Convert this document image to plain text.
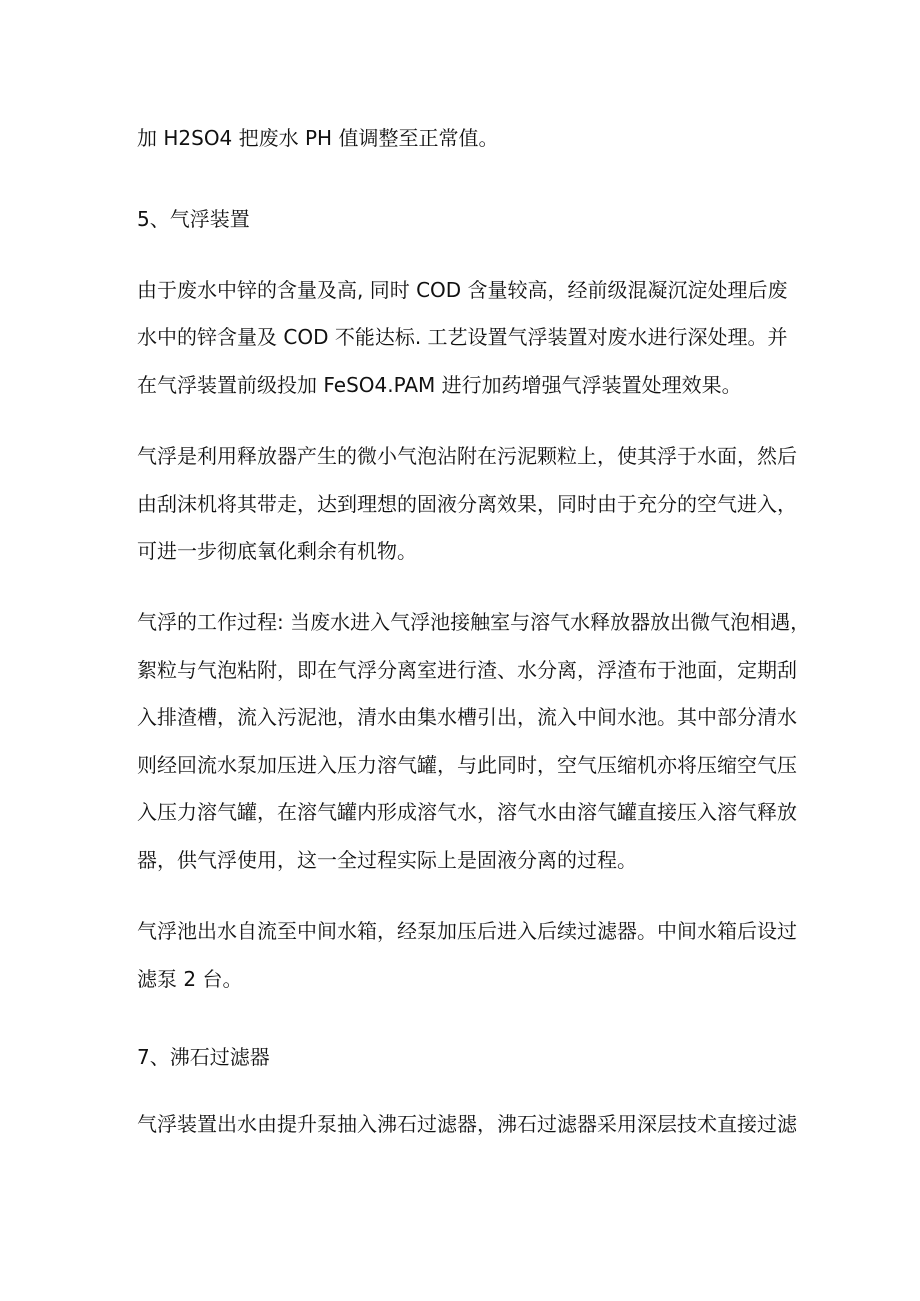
加 H2SO4 把废水 PH 值调整至正常值。
5、气浮装置
由于废水中锌的含量及高, 同时 COD 含量较高，经前级混凝沉淀处理后废
水中的锌含量及 COD 不能达标. 工艺设置气浮装置对废水进行深处理。并
在气浮装置前级投加 FeSO4.PAM 进行加药增强气浮装置处理效果。
气浮是利用释放器产生的微小气泡沾附在污泥颗粒上，使其浮于水面，然后
由刮沫机将其带走，达到理想的固液分离效果，同时由于充分的空气进入，
可进一步彻底氧化剩余有机物。
气浮的工作过程: 当废水进入气浮池接触室与溶气水释放器放出微气泡相遇，
絮粒与气泡粘附，即在气浮分离室进行渣、水分离，浮渣布于池面，定期刮
入排渣槽，流入污泥池，清水由集水槽引出，流入中间水池。其中部分清水
则经回流水泵加压进入压力溶气罐，与此同时，空气压缩机亦将压缩空气压
入压力溶气罐，在溶气罐内形成溶气水，溶气水由溶气罐直接压入溶气释放
器，供气浮使用，这一全过程实际上是固液分离的过程。
气浮池出水自流至中间水箱，经泵加压后进入后续过滤器。中间水箱后设过
滤泵 2 台。
7、沸石过滤器
气浮装置出水由提升泵抽入沸石过滤器，沸石过滤器采用深层技术直接过滤
